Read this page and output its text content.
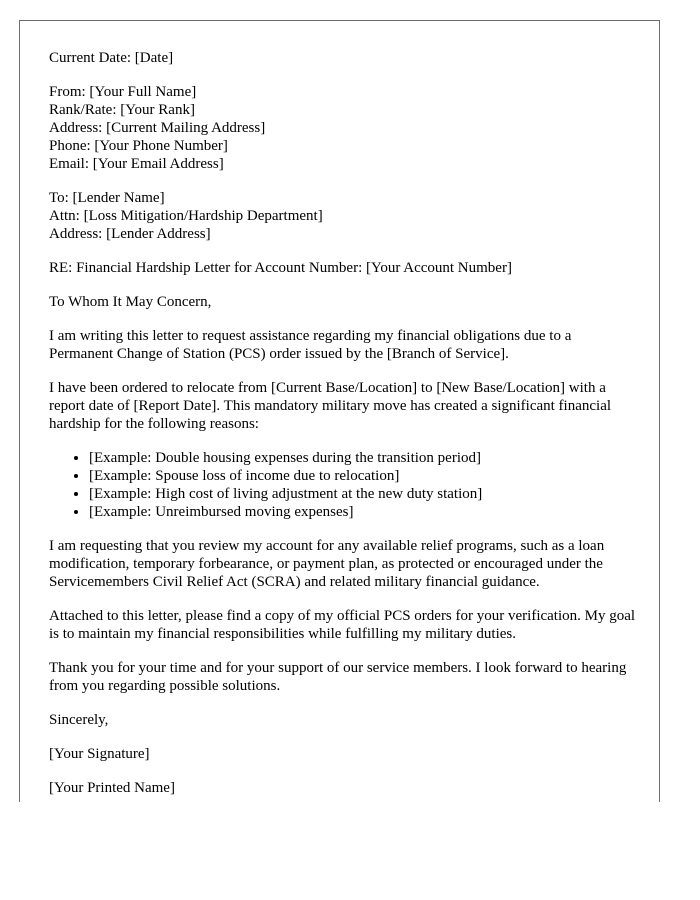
Current Date: [Date]
From: [Your Full Name]
Rank/Rate: [Your Rank]
Address: [Current Mailing Address]
Phone: [Your Phone Number]
Email: [Your Email Address]
To: [Lender Name]
Attn: [Loss Mitigation/Hardship Department]
Address: [Lender Address]
RE: Financial Hardship Letter for Account Number: [Your Account Number]
To Whom It May Concern,

I am writing this letter to request assistance regarding my financial obligations due to a Permanent Change of Station (PCS) order issued by the [Branch of Service].

I have been ordered to relocate from [Current Base/Location] to [New Base/Location] with a report date of [Report Date]. This mandatory military move has created a significant financial hardship for the following reasons:

• [Example: Double housing expenses during the transition period]
• [Example: Spouse loss of income due to relocation]
• [Example: High cost of living adjustment at the new duty station]
• [Example: Unreimbursed moving expenses]

I am requesting that you review my account for any available relief programs, such as a loan modification, temporary forbearance, or payment plan, as protected or encouraged under the Servicemembers Civil Relief Act (SCRA) and related military financial guidance.

Attached to this letter, please find a copy of my official PCS orders for your verification. My goal is to maintain my financial responsibilities while fulfilling my military duties.

Thank you for your time and for your support of our service members. I look forward to hearing from you regarding possible solutions.

Sincerely,
[Your Signature]
[Your Printed Name]
